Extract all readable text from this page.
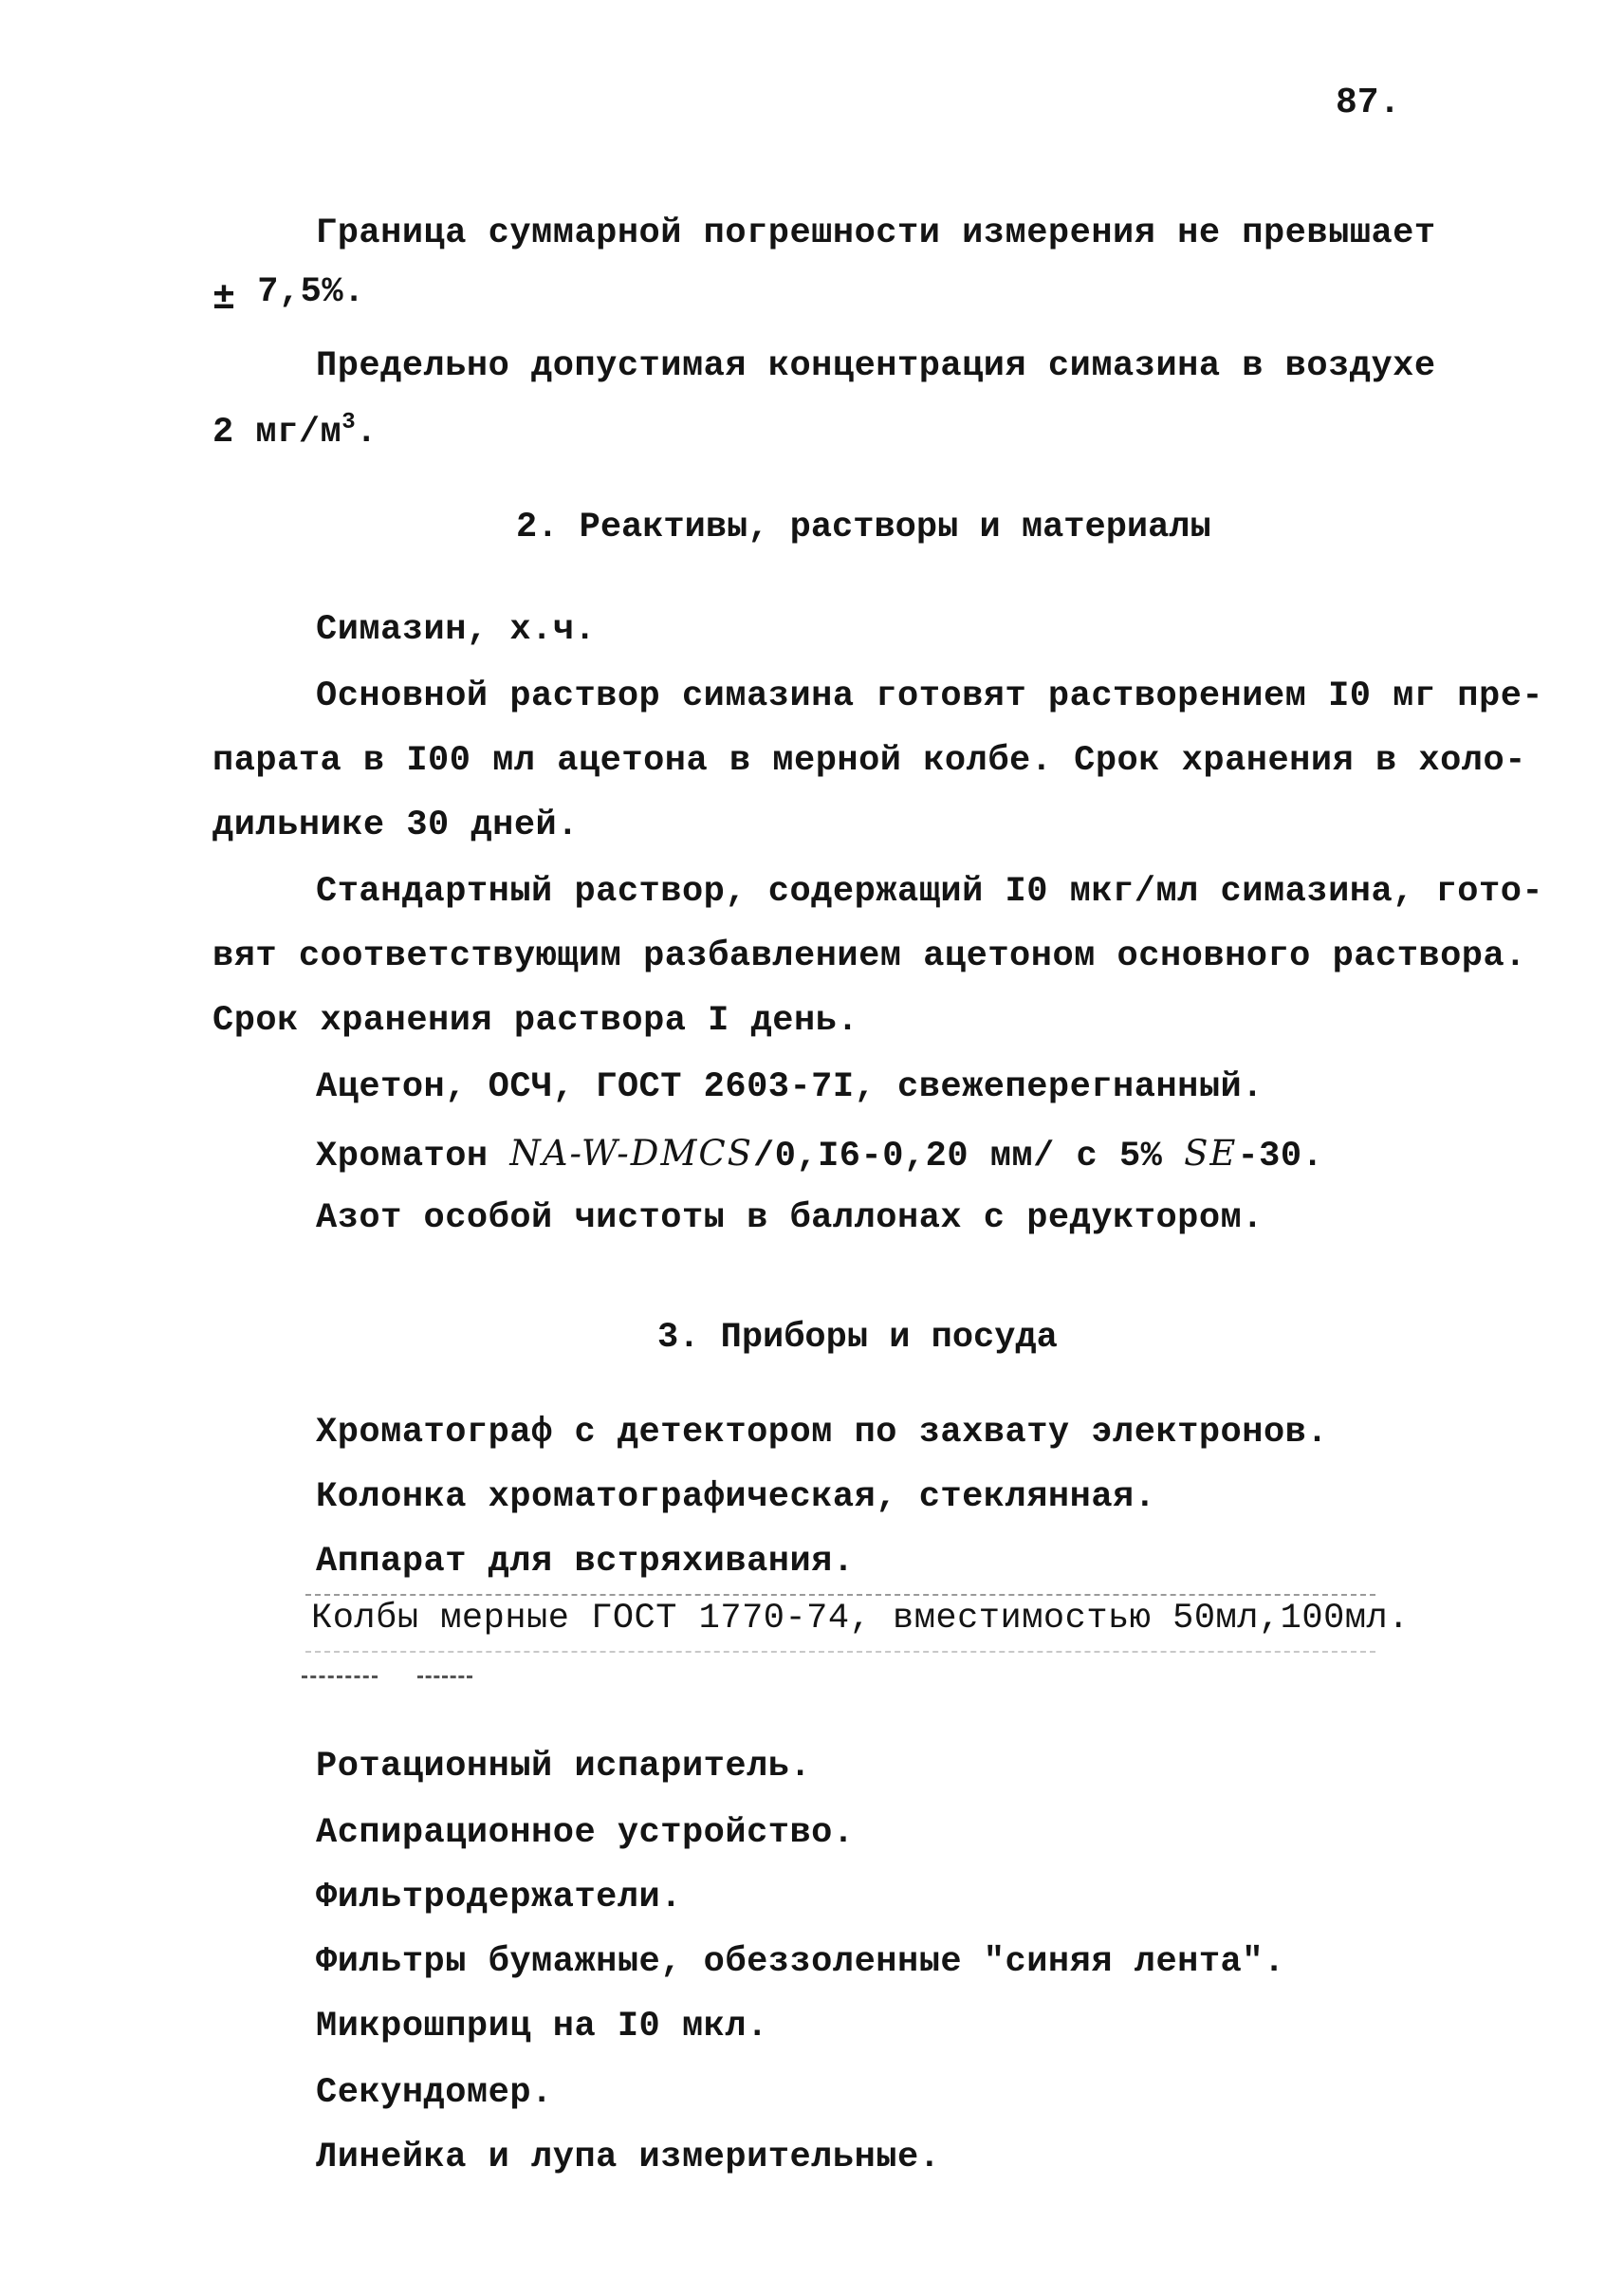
87.
Граница суммарной погрешности измерения не превышает
± 7,5%.
Предельно допустимая концентрация симазина в воздухе
2 $мг/м^3$.
2. Реактивы, растворы и материалы
Симазин, х.ч.
Основной раствор симазина готовят растворением I0 мг пре-
парата в I00 мл ацетона в мерной колбе. Срок хранения в холо-
дильнике 30 дней.
Стандартный раствор, содержащий I0 мкг/мл симазина, гото-
вят соответствующим разбавлением ацетоном основного раствора.
Срок хранения раствора I день.
Ацетон, ОСЧ, ГОСТ 2603-7I, свежеперегнанный.
Хроматон NA-W-DMCS/0,I6-0,20 мм/ с 5% SE-30.
Азот особой чистоты в баллонах с редуктором.
3. Приборы и посуда
Хроматограф с детектором по захвату электронов.
Колонка хроматографическая, стеклянная.
Аппарат для встряхивания.
Колбы мерные ГОСТ 1770-74, вместимостью 50мл,100мл.
Ротационный испаритель.
Аспирационное устройство.
Фильтродержатели.
Фильтры бумажные, обеззоленные "синяя лента".
Микрошприц на I0 мкл.
Секундомер.
Линейка и лупа измерительные.
